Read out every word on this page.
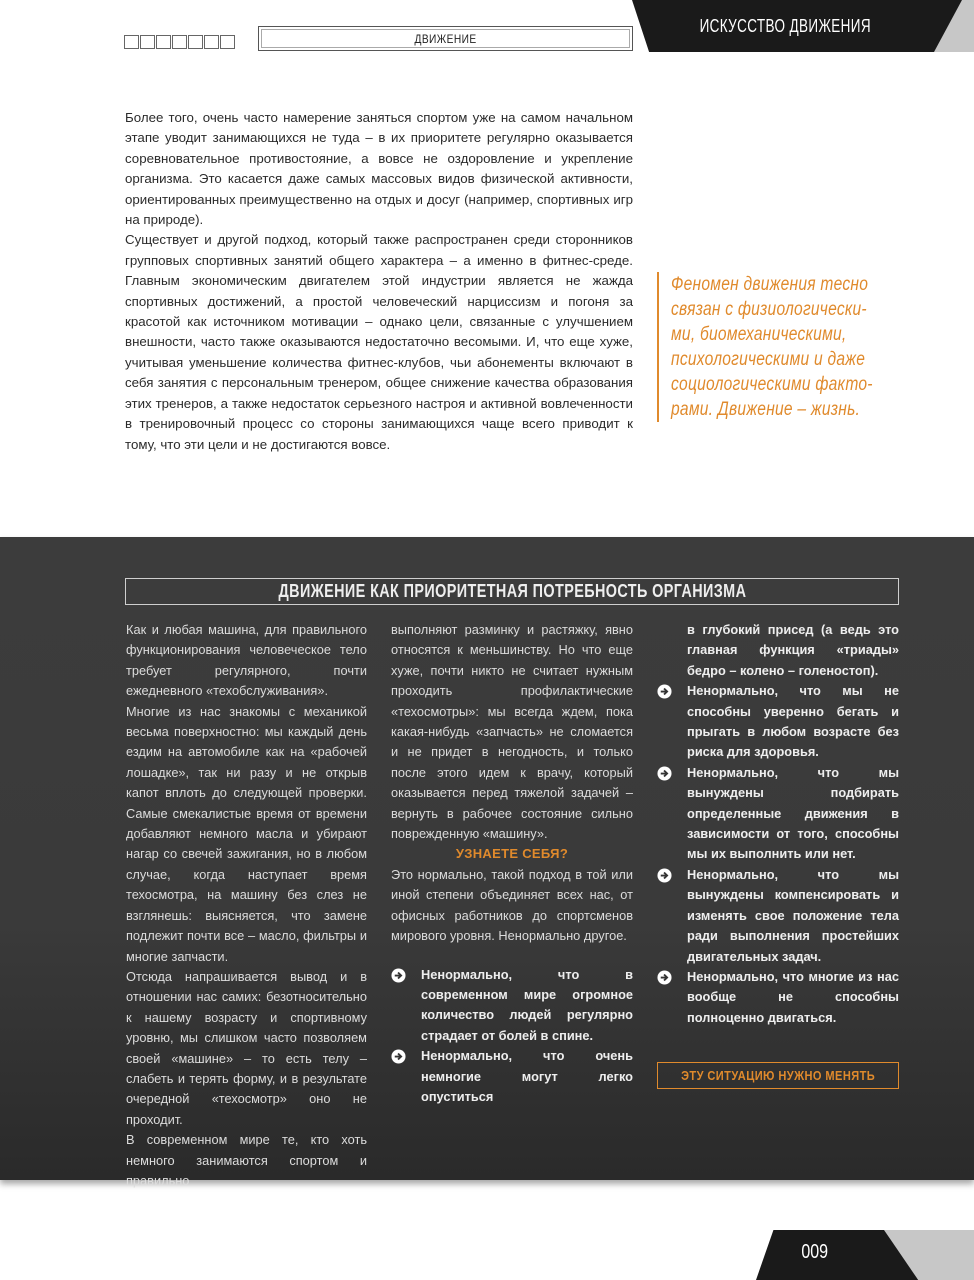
ДВИЖЕНИЕ
ИСКУССТВО ДВИЖЕНИЯ

Более того, очень часто намерение заняться спортом уже на самом начальном этапе уводит занимающихся не туда – в их приоритете регулярно оказывается соревновательное противостояние, а вовсе не оздоровление и укрепление организма. Это касается даже самых массовых видов физической активности, ориентированных преимущественно на отдых и досуг (например, спортивных игр на природе).

Существует и другой подход, который также распространен среди сторонников групповых спортивных занятий общего характера – а именно в фитнес-среде. Главным экономическим двигателем этой индустрии является не жажда спортивных достижений, а простой человеческий нарциссизм и погоня за красотой как источником мотивации – однако цели, связанные с улучшением внешности, часто также оказываются недостаточно весомыми. И, что еще хуже, учитывая уменьшение количества фитнес-клубов, чьи абонементы включают в себя занятия с персональным тренером, общее снижение качества образования этих тренеров, а также недостаток серьезного настроя и активной вовлеченности в тренировочный процесс со стороны занимающихся чаще всего приводит к тому, что эти цели и не достигаются вовсе.

Феномен движения тесно
связан с физиологически-
ми, биомеханическими,
психологическими и даже
социологическими факто-
рами. Движение – жизнь.
ДВИЖЕНИЕ КАК ПРИОРИТЕТНАЯ ПОТРЕБНОСТЬ ОРГАНИЗМА

Как и любая машина, для правильного функционирования человеческое тело требует регулярного, почти ежедневного «техобслуживания».

Многие из нас знакомы с механикой весьма поверхностно: мы каждый день ездим на автомобиле как на «рабочей лошадке», так ни разу и не открыв капот вплоть до следующей проверки. Самые смекалистые время от времени добавляют немного масла и убирают нагар со свечей зажигания, но в любом случае, когда наступает время техосмотра, на машину без слез не взглянешь: выясняется, что замене подлежит почти все – масло, фильтры и многие запчасти.

Отсюда напрашивается вывод и в отношении нас самих: безотносительно к нашему возрасту и спортивному уровню, мы слишком часто позволяем своей «машине» – то есть телу – слабеть и терять форму, и в результате очередной «техосмотр» оно не проходит.

В современном мире те, кто хоть немного занимаются спортом и правильно

выполняют разминку и растяжку, явно относятся к меньшинству. Но что еще хуже, почти никто не считает нужным проходить профилактические «техосмотры»: мы всегда ждем, пока какая-нибудь «запчасть» не сломается и не придет в негодность, и только после этого идем к врачу, который оказывается перед тяжелой задачей – вернуть в рабочее состояние сильно поврежденную «машину».

УЗНАЕТЕ СЕБЯ?

Это нормально, такой подход в той или иной степени объединяет всех нас, от офисных работников до спортсменов мирового уровня. Ненормально другое.

Ненормально, что в современном мире огромное количество людей регулярно страдает от болей в спине.
Ненормально, что очень немногие могут легко опуститься

в глубокий присед (а ведь это главная функция «триады» бедро – колено – голеностоп).

Ненормально, что мы не способны уверенно бегать и прыгать в любом возрасте без риска для здоровья.
Ненормально, что мы вынуждены подбирать определенные движения в зависимости от того, способны мы их выполнить или нет.
Ненормально, что мы вынуждены компенсировать и изменять свое положение тела ради выполнения простейших двигательных задач.
Ненормально, что многие из нас вообще не способны полноценно двигаться.
ЭТУ СИТУАЦИЮ НУЖНО МЕНЯТЬ
009
